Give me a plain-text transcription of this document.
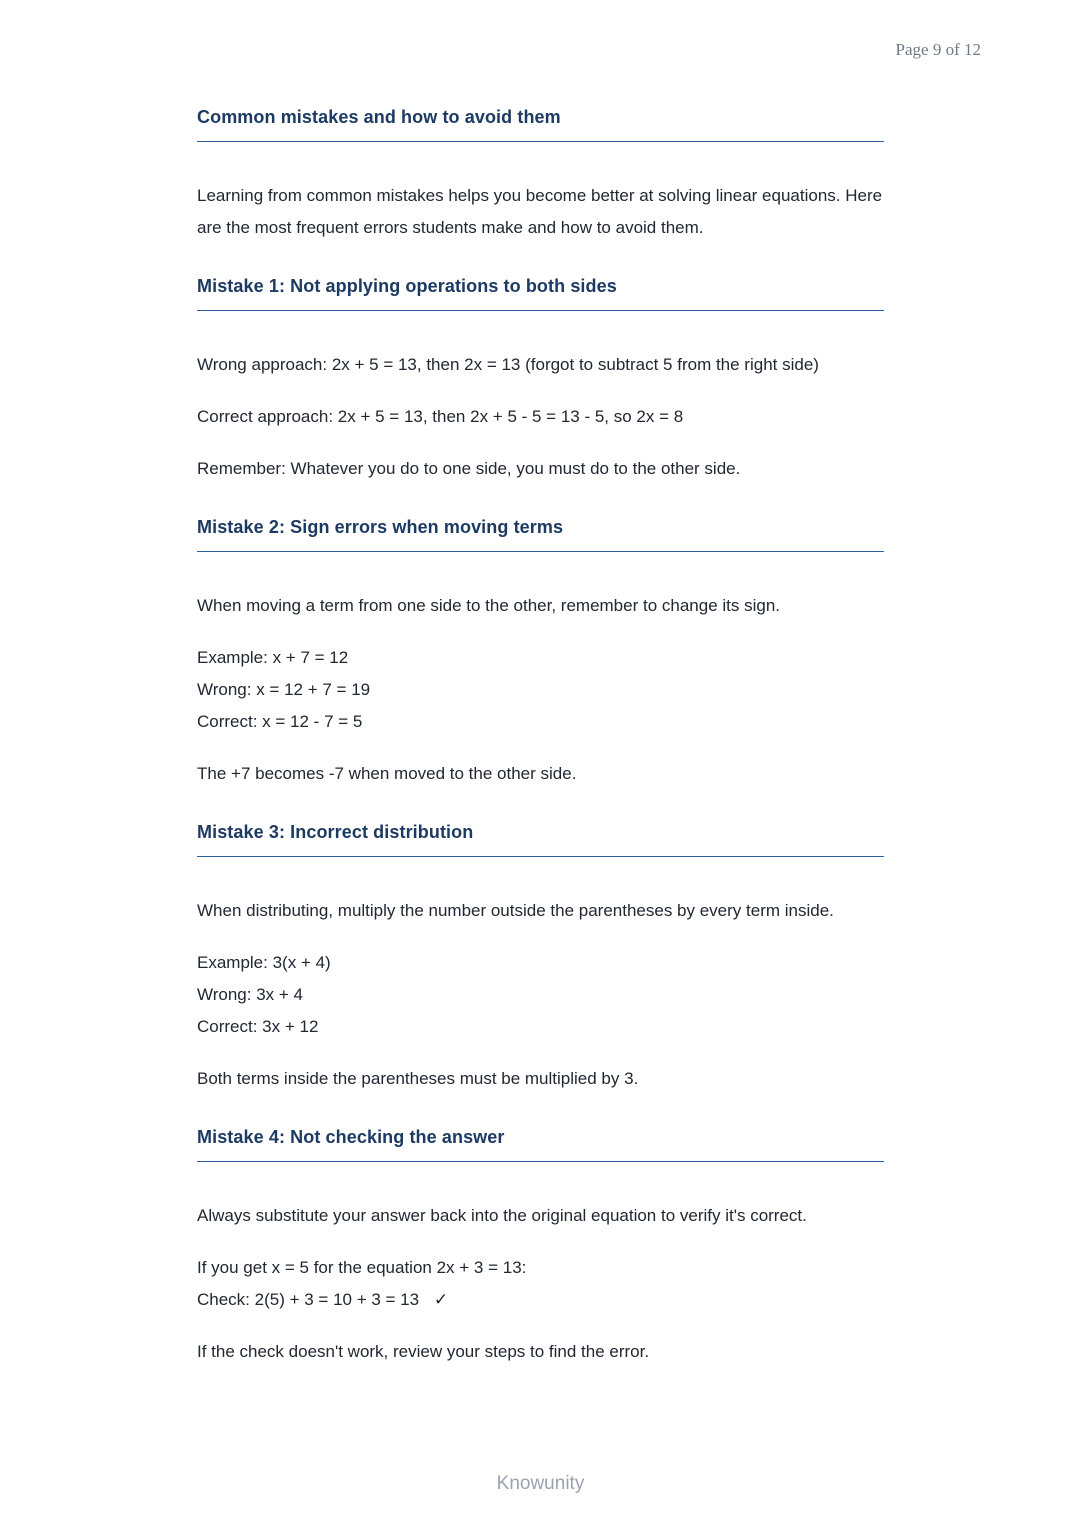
Page 9 of 12
Common mistakes and how to avoid them

Learning from common mistakes helps you become better at solving linear equations. Here are the most frequent errors students make and how to avoid them.

Mistake 1: Not applying operations to both sides

Wrong approach: 2x + 5 = 13, then 2x = 13 (forgot to subtract 5 from the right side)

Correct approach: 2x + 5 = 13, then 2x + 5 - 5 = 13 - 5, so 2x = 8

Remember: Whatever you do to one side, you must do to the other side.

Mistake 2: Sign errors when moving terms

When moving a term from one side to the other, remember to change its sign.

Example: x + 7 = 12
Wrong: x = 12 + 7 = 19
Correct: x = 12 - 7 = 5

The +7 becomes -7 when moved to the other side.

Mistake 3: Incorrect distribution

When distributing, multiply the number outside the parentheses by every term inside.

Example: 3(x + 4)
Wrong: 3x + 4
Correct: 3x + 12

Both terms inside the parentheses must be multiplied by 3.

Mistake 4: Not checking the answer

Always substitute your answer back into the original equation to verify it's correct.

If you get x = 5 for the equation 2x + 3 = 13:
Check: 2(5) + 3 = 10 + 3 = 13 ✓

If the check doesn't work, review your steps to find the error.

Knowunity
